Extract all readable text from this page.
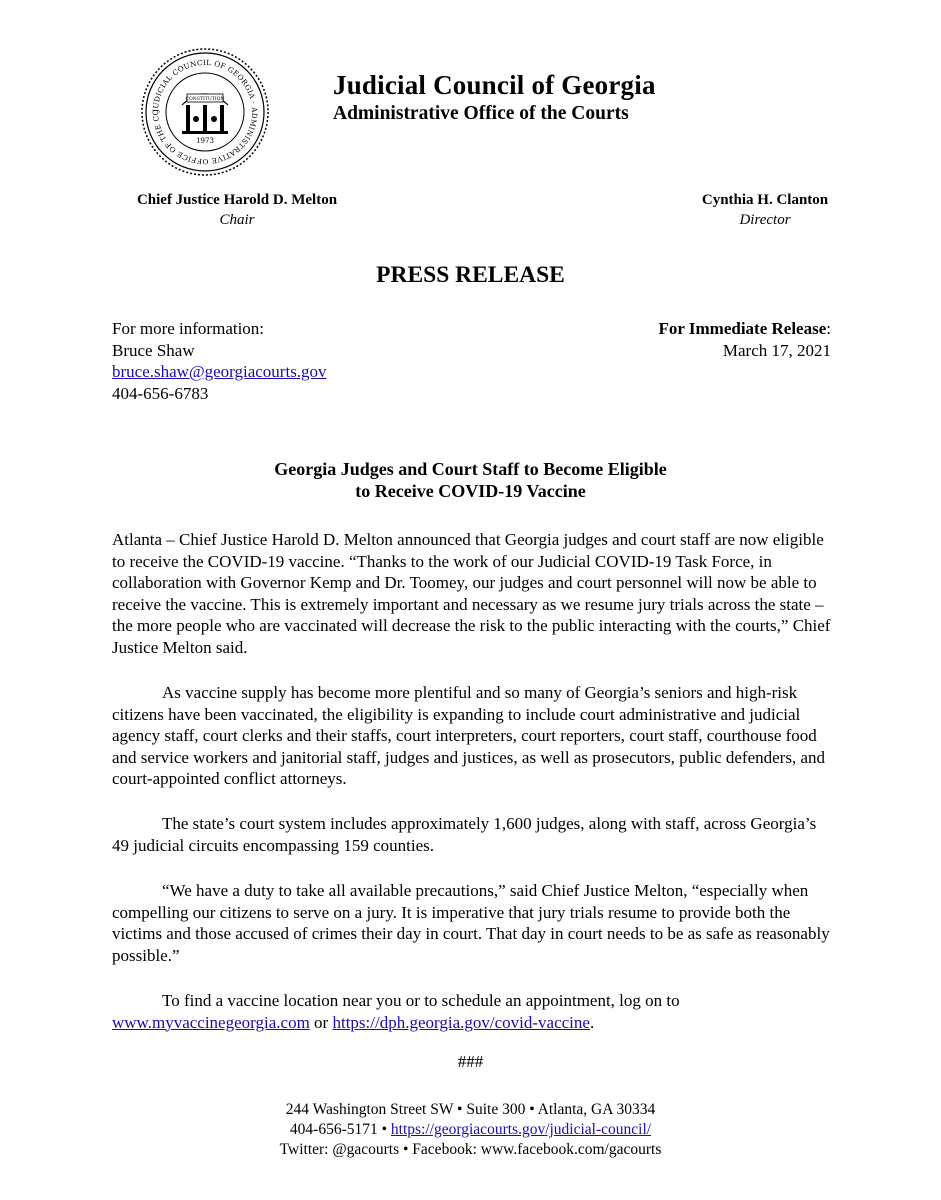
JUDICIAL COUNCIL OF GEORGIA · ADMINISTRATIVE OFFICE OF THE CO
CONSTITUTION
1973
Judicial Council of Georgia
Administrative Office of the Courts
Chief Justice Harold D. Melton
Chair
Cynthia H. Clanton
Director
PRESS RELEASE
For more information:
Bruce Shaw
bruce.shaw@georgiacourts.gov
404-656-6783
For Immediate Release:
March 17, 2021
Georgia Judges and Court Staff to Become Eligible
to Receive COVID-19 Vaccine

Atlanta – Chief Justice Harold D. Melton announced that Georgia judges and court staff are now eligible to receive the COVID-19 vaccine. “Thanks to the work of our Judicial COVID-19 Task Force, in collaboration with Governor Kemp and Dr. Toomey, our judges and court personnel will now be able to receive the vaccine. This is extremely important and necessary as we resume jury trials across the state – the more people who are vaccinated will decrease the risk to the public interacting with the courts,” Chief Justice Melton said.

As vaccine supply has become more plentiful and so many of Georgia’s seniors and high-risk citizens have been vaccinated, the eligibility is expanding to include court administrative and judicial agency staff, court clerks and their staffs, court interpreters, court reporters, court staff, courthouse food and service workers and janitorial staff, judges and justices, as well as prosecutors, public defenders, and court-appointed conflict attorneys.

The state’s court system includes approximately 1,600 judges, along with staff, across Georgia’s 49 judicial circuits encompassing 159 counties.

“We have a duty to take all available precautions,” said Chief Justice Melton, “especially when compelling our citizens to serve on a jury. It is imperative that jury trials resume to provide both the victims and those accused of crimes their day in court. That day in court needs to be as safe as reasonably possible.”

To find a vaccine location near you or to schedule an appointment, log on to
www.myvaccinegeorgia.com or https://dph.georgia.gov/covid-vaccine.

###
244 Washington Street SW • Suite 300 • Atlanta, GA 30334
404-656-5171 • https://georgiacourts.gov/judicial-council/
Twitter: @gacourts • Facebook: www.facebook.com/gacourts
